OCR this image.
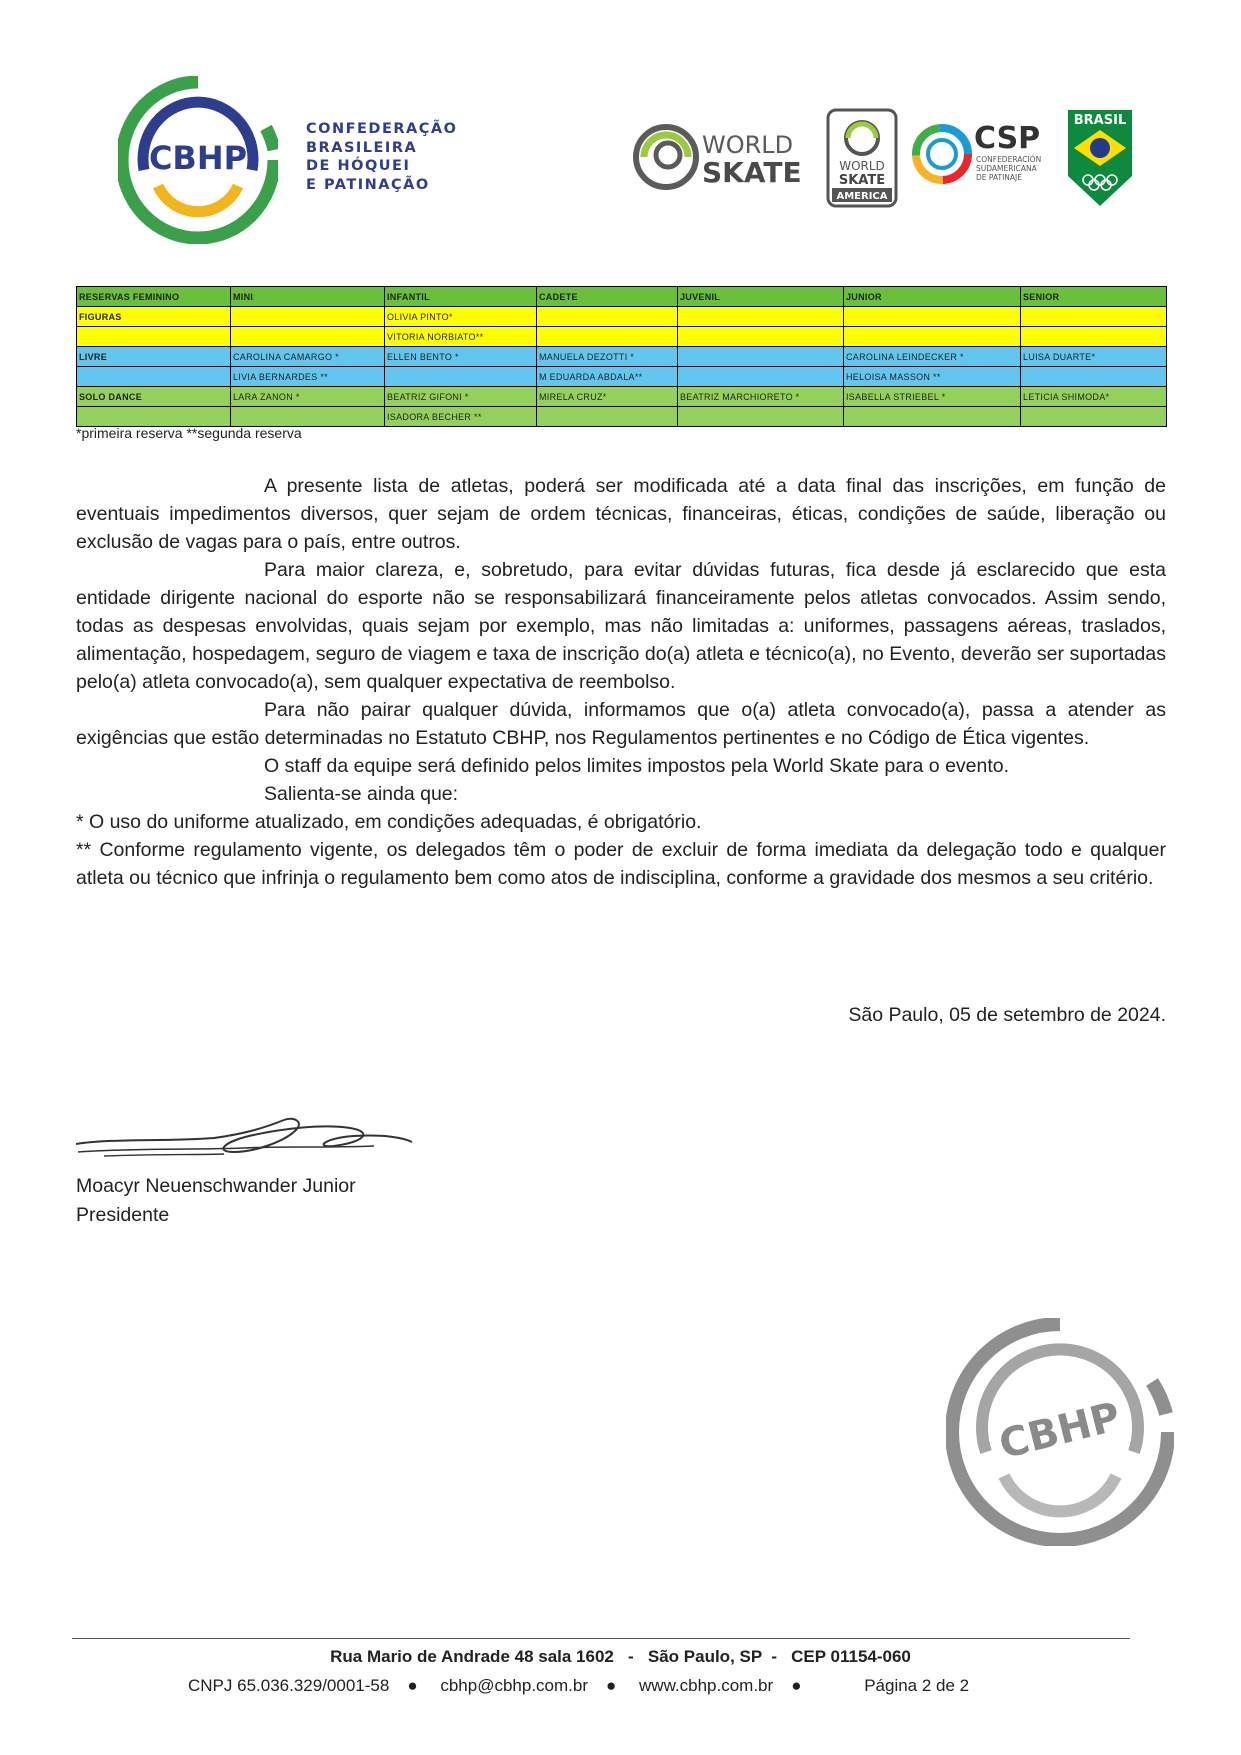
CBHP
CONFEDERAÇÃO
BRASILEIRA
DE HÓQUEI
E PATINAÇÃO
WORLD
SKATE	WORLD
SKATE
AMERICA
CSP
CONFEDERACIÓN
SUDAMERICANA
DE PATINAJE
BRASIL
RESERVAS FEMININO	MINI	INFANTIL	CADETE	JUVENIL	JUNIOR	SENIOR
FIGURAS		OLIVIA PINTO*				
		VITORIA NORBIATO**				
LIVRE	CAROLINA CAMARGO *	ELLEN BENTO *	MANUELA DEZOTTI *		CAROLINA LEINDECKER *	LUISA DUARTE*
	LIVIA BERNARDES **		M EDUARDA ABDALA**		HELOISA MASSON **	
SOLO DANCE	LARA ZANON *	BEATRIZ GIFONI *	MIRELA CRUZ*	BEATRIZ MARCHIORETO *	ISABELLA STRIEBEL *	LETICIA SHIMODA*
		ISADORA BECHER **				
*primeira reserva **segunda reserva

A presente lista de atletas, poderá ser modificada até a data final das inscrições, em função de eventuais impedimentos diversos, quer sejam de ordem técnicas, financeiras, éticas, condições de saúde, liberação ou exclusão de vagas para o país, entre outros.

Para maior clareza, e, sobretudo, para evitar dúvidas futuras, fica desde já esclarecido que esta entidade dirigente nacional do esporte não se responsabilizará financeiramente pelos atletas convocados. Assim sendo, todas as despesas envolvidas, quais sejam por exemplo, mas não limitadas a: uniformes, passagens aéreas, traslados, alimentação, hospedagem, seguro de viagem e taxa de inscrição do(a) atleta e técnico(a), no Evento, deverão ser suportadas pelo(a) atleta convocado(a), sem qualquer expectativa de reembolso.

Para não pairar qualquer dúvida, informamos que o(a) atleta convocado(a), passa a atender as exigências que estão determinadas no Estatuto CBHP, nos Regulamentos pertinentes e no Código de Ética vigentes.

O staff da equipe será definido pelos limites impostos pela World Skate para o evento.

Salienta-se ainda que:

* O uso do uniforme atualizado, em condições adequadas, é obrigatório.

** Conforme regulamento vigente, os delegados têm o poder de excluir de forma imediata da delegação todo e qualquer atleta ou técnico que infrinja o regulamento bem como atos de indisciplina, conforme a gravidade dos mesmos a seu critério.

São Paulo, 05 de setembro de 2024.
Moacyr Neuenschwander Junior
Presidente
CBHP
Rua Mario de Andrade 48 sala 1602   -   São Paulo, SP  -   CEP 01154-060
CNPJ 65.036.329/0001-58 ● cbhp@cbhp.com.br ● www.cbhp.com.br ●	Página 2 de 2
